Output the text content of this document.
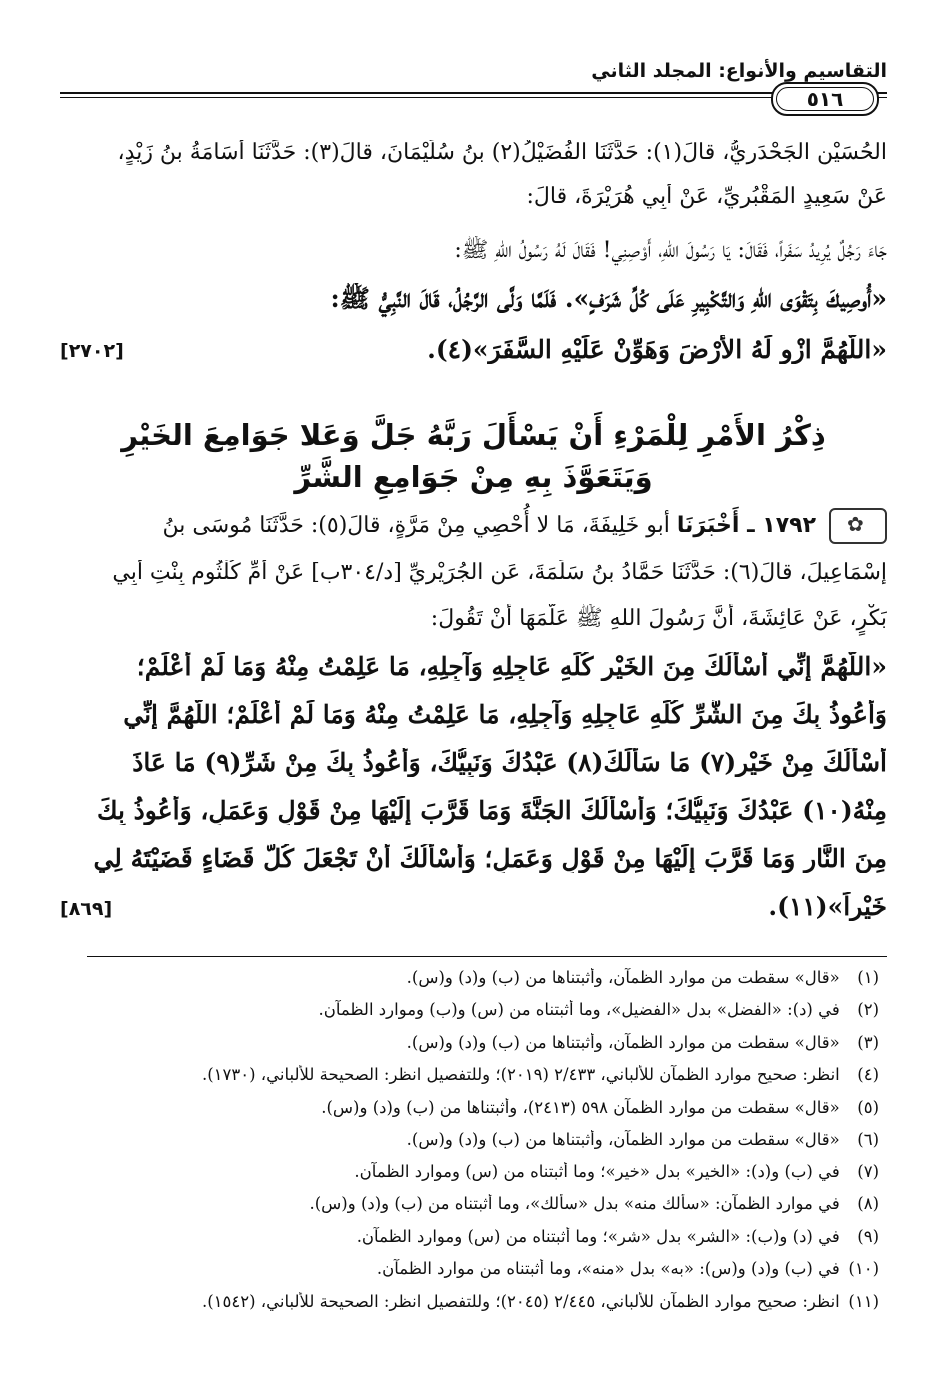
التقاسيم والأنواع: المجلد الثاني
٥١٦
الحُسَيْنِ الجَحْدَرِيُّ، قالَ(١): حَدَّثَنَا الفُضَيْلُ(٢) بنُ سُلَيْمَانَ، قالَ(٣): حَدَّثَنَا أُسَامَةُ بنُ زَيْدٍ،
عَنْ سَعِيدٍ المَقْبُرِيِّ، عَنْ أَبِي هُرَيْرَةَ، قالَ:
جَاءَ رَجُلٌ يُرِيدُ سَفَراً، فَقَالَ: يَا رَسُولَ اللهِ، أَوْصِنِي! فَقَالَ لَهُ رَسُولُ اللهِ ﷺ:
«أُوصِيكَ بِتَقْوَى اللهِ وَالتَّكْبِيرِ عَلَى كُلِّ شَرَفٍ». فَلَمَّا وَلَّى الرَّجُلُ، قَالَ النَّبِيُّ ﷺ:
«اللَّهُمَّ ازْوِ لَهُ الأَرْضَ وَهَوِّنْ عَلَيْهِ السَّفَرَ»(٤).
[٢٧٠٢]
ذِكْرُ الأَمْرِ لِلْمَرْءِ أَنْ يَسْأَلَ رَبَّهُ جَلَّ وَعَلا جَوَامِعَ الخَيْرِ
وَيَتَعَوَّذَ بِهِ مِنْ جَوَامِعِ الشَّرِّ
✿ ١٧٩٢ ـ أَخْبَرَنَا أبو خَلِيفَةَ، مَا لا أُحْصِي مِنْ مَرَّةٍ، قالَ(٥): حَدَّثَنَا مُوسَى بنُ
إِسْمَاعِيلَ، قالَ(٦): حَدَّثَنَا حَمَّادُ بنُ سَلَمَةَ، عَنِ الجُرَيْرِيِّ [د/٣٠٤ب] عَنْ أُمِّ كُلْثُومٍ بِنْتِ أَبِي
بَكْرٍ، عَنْ عَائِشَةَ، أَنَّ رَسُولَ اللهِ ﷺ عَلَّمَهَا أَنْ تَقُولَ:
«اللَّهُمَّ إِنِّي أَسْأَلُكَ مِنَ الخَيْرِ كُلِّهِ عَاجِلِهِ وَآجِلِهِ، مَا عَلِمْتُ مِنْهُ وَمَا لَمْ أَعْلَمْ؛
وَأَعُوذُ بِكَ مِنَ الشَّرِّ كُلِّهِ عَاجِلِهِ وَآجِلِهِ، مَا عَلِمْتُ مِنْهُ وَمَا لَمْ أَعْلَمْ؛ اللَّهُمَّ إِنِّي
أَسْأَلُكَ مِنْ خَيْرِ(٧) مَا سَأَلَكَ(٨) عَبْدُكَ وَنَبِيُّكَ، وَأَعُوذُ بِكَ مِنْ شَرِّ(٩) مَا عَاذَ
مِنْهُ(١٠) عَبْدُكَ وَنَبِيُّكَ؛ وَأَسْأَلُكَ الجَنَّةَ وَمَا قَرَّبَ إِلَيْهَا مِنْ قَوْلٍ وَعَمَلٍ، وَأَعُوذُ بِكَ
مِنَ النَّارِ وَمَا قَرَّبَ إِلَيْهَا مِنْ قَوْلٍ وَعَمَلٍ؛ وَأَسْأَلُكَ أَنْ تَجْعَلَ كُلَّ قَضَاءٍ قَضَيْتَهُ لِي
خَيْراً»(١١).
[٨٦٩]
(١) «قال» سقطت من موارد الظمآن، وأثبتناها من (ب) و(د) و(س).
(٢) في (د): «الفضل» بدل «الفضيل»، وما أثبتناه من (س) و(ب) وموارد الظمآن.
(٣) «قال» سقطت من موارد الظمآن، وأثبتناها من (ب) و(د) و(س).
(٤) انظر: صحيح موارد الظمآن للألباني، ٢/٤٣٣ (٢٠١٩)؛ وللتفصيل انظر: الصحيحة للألباني، (١٧٣٠).
(٥) «قال» سقطت من موارد الظمآن ٥٩٨ (٢٤١٣)، وأثبتناها من (ب) و(د) و(س).
(٦) «قال» سقطت من موارد الظمآن، وأثبتناها من (ب) و(د) و(س).
(٧) في (ب) و(د): «الخير» بدل «خير»؛ وما أثبتناه من (س) وموارد الظمآن.
(٨) في موارد الظمآن: «سألك منه» بدل «سألك»، وما أثبتناه من (ب) و(د) و(س).
(٩) في (د) و(ب): «الشر» بدل «شر»؛ وما أثبتناه من (س) وموارد الظمآن.
(١٠) في (ب) و(د) و(س): «به» بدل «منه»، وما أثبتناه من موارد الظمآن.
(١١) انظر: صحيح موارد الظمآن للألباني، ٢/٤٤٥ (٢٠٤٥)؛ وللتفصيل انظر: الصحيحة للألباني، (١٥٤٢).
